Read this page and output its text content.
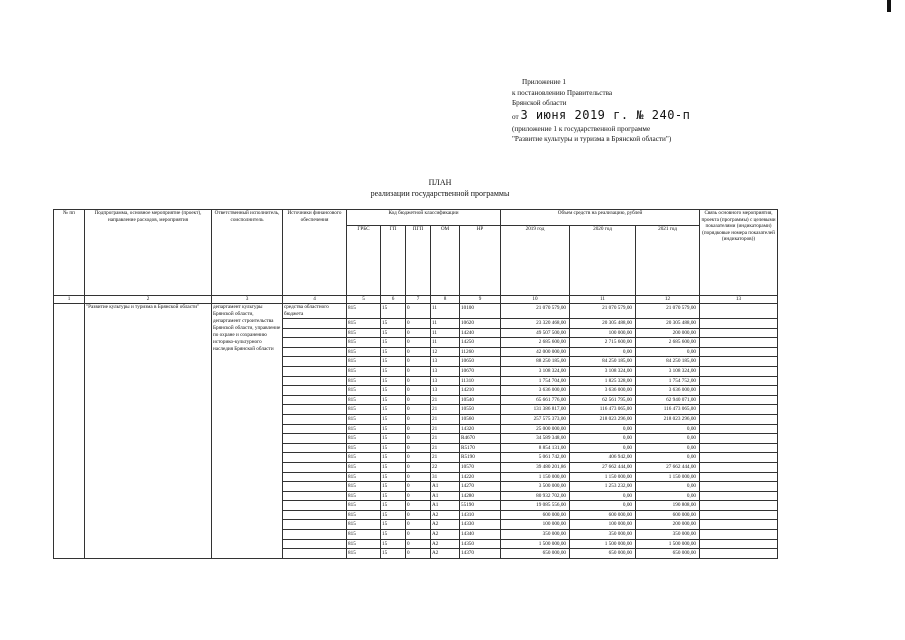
Приложение 1
к постановлению Правительства
Брянской области
от 3 июня 2019 г. № 240-п
(приложение 1 к государственной программе
"Развитие культуры и туризма в Брянской области")
ПЛАН
реализации государственной программы
№ пп	Подпрограмма, основное мероприятие (проект), направление расходов, мероприятия	Ответственный исполнитель, соисполнитель	Источники финансового обеспечения	Код бюджетной классификации					Объем средств на реализацию, рублей			Связь основного мероприятия, проекта (программы) с целевыми показателями (индикаторами) (порядковые номера показателей (индикаторов))
				ГРБС	ГП	ПГП	ОМ	НР	2019 год	2020 год	2021 год	
1	2	3	4	5	6	7	8	9	10	11	12	13
	"Развитие культуры и туризма в Брянской области"	департамент культуры Брянской области, департамент строительства Брянской области, управление по охране и сохранению историко-культурного наследия Брянской области	средства областного бюджета	815	15	0	11	10100	21 070 579,00	21 070 579,00	21 070 579,00	
				815	15	0	11	10620	23 320 468,00	20 305 488,00	20 305 488,00	
				815	15	0	11	14240	49 507 500,00	100 000,00	200 000,00	
				815	15	0	11	14250	2 685 600,00	2 715 600,00	2 685 600,00	
				815	15	0	12	11260	42 000 000,00	0,00	0,00	
				815	15	0	13	10650	88 250 185,00	84 250 185,00	84 250 185,00	
				815	15	0	13	10670	3 108 324,00	3 108 324,00	3 108 324,00	
				815	15	0	13	11310	1 754 704,00	1 825 328,00	1 754 752,00	
				815	15	0	13	14210	3 636 000,00	3 636 000,00	3 636 000,00	
				815	15	0	21	10540	65 661 776,00	62 561 795,00	62 940 071,00	
				815	15	0	21	10550	131 386 817,00	116 473 065,00	116 473 065,00	
				815	15	0	21	10560	257 575 373,00	218 023 296,00	218 023 296,00	
				815	15	0	21	14320	25 000 000,00	0,00	0,00	
				815	15	0	21	R4670	34 589 348,00	0,00	0,00	
				815	15	0	21	R5170	8 854 131,00	0,00	0,00	
				815	15	0	21	R5190	5 061 742,00	406 942,00	0,00	
				815	15	0	22	10570	39 480 201,86	27 662 444,00	27 662 444,00	
				815	15	0	31	14220	1 150 000,00	1 150 000,00	1 150 000,00	
				815	15	0	A1	14270	3 500 000,00	1 253 232,00	0,00	
				815	15	0	A1	14280	80 932 702,00	0,00	0,00	
				815	15	0	A1	55190	19 085 556,00	0,00	190 808,00	
				815	15	0	A2	14310	600 000,00	600 000,00	600 000,00	
				815	15	0	A2	14330	100 000,00	100 000,00	200 000,00	
				815	15	0	A2	14340	350 000,00	350 000,00	350 000,00	
				815	15	0	A2	14350	1 500 000,00	1 500 000,00	1 500 000,00	
				815	15	0	A2	14370	650 000,00	650 000,00	650 000,00	
